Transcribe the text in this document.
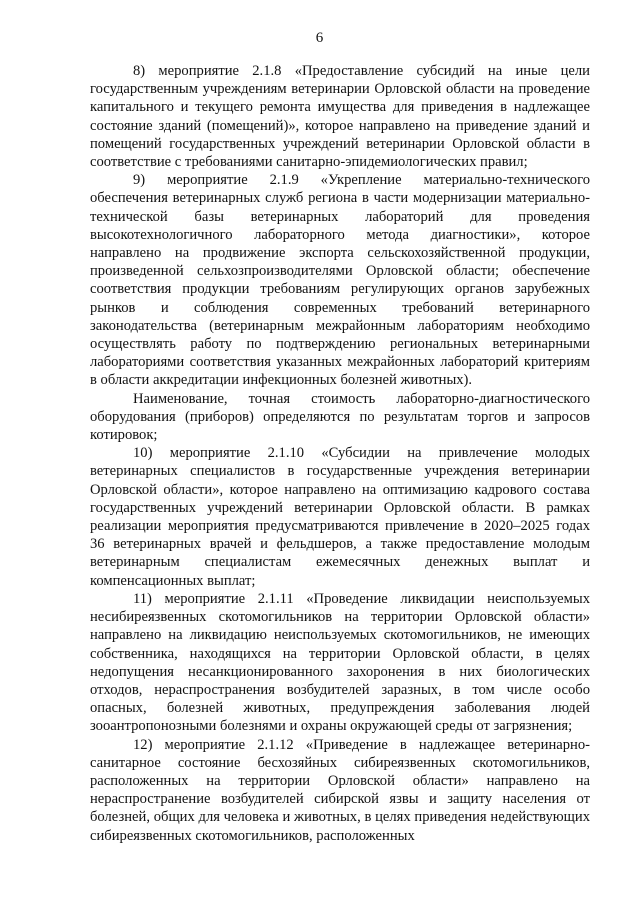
6

8) мероприятие 2.1.8 «Предоставление субсидий на иные цели государственным учреждениям ветеринарии Орловской области на проведение капитального и текущего ремонта имущества для приведения в надлежащее состояние зданий (помещений)», которое направлено на приведение зданий и помещений государственных учреждений ветеринарии Орловской области в соответствие с требованиями санитарно-эпидемиологических правил;

9) мероприятие 2.1.9 «Укрепление материально-технического обеспечения ветеринарных служб региона в части модернизации материально-технической базы ветеринарных лабораторий для проведения высокотехнологичного лабораторного метода диагностики», которое направлено на продвижение экспорта сельскохозяйственной продукции, произведенной сельхозпроизводителями Орловской области; обеспечение соответствия продукции требованиям регулирующих органов зарубежных рынков и соблюдения современных требований ветеринарного законодательства (ветеринарным межрайонным лабораториям необходимо осуществлять работу по подтверждению региональных ветеринарными лабораториями соответствия указанных межрайонных лабораторий критериям в области аккредитации инфекционных болезней животных).

Наименование, точная стоимость лабораторно-диагностического оборудования (приборов) определяются по результатам торгов и запросов котировок;

10) мероприятие 2.1.10 «Субсидии на привлечение молодых ветеринарных специалистов в государственные учреждения ветеринарии Орловской области», которое направлено на оптимизацию кадрового состава государственных учреждений ветеринарии Орловской области. В рамках реализации мероприятия предусматриваются привлечение в 2020–2025 годах 36 ветеринарных врачей и фельдшеров, а также предоставление молодым ветеринарным специалистам ежемесячных денежных выплат и компенсационных выплат;

11) мероприятие 2.1.11 «Проведение ликвидации неиспользуемых несибиреязвенных скотомогильников на территории Орловской области» направлено на ликвидацию неиспользуемых скотомогильников, не имеющих собственника, находящихся на территории Орловской области, в целях недопущения несанкционированного захоронения в них биологических отходов, нераспространения возбудителей заразных, в том числе особо опасных, болезней животных, предупреждения заболевания людей зооантропонозными болезнями и охраны окружающей среды от загрязнения;

12) мероприятие 2.1.12 «Приведение в надлежащее ветеринарно-санитарное состояние бесхозяйных сибиреязвенных скотомогильников, расположенных на территории Орловской области» направлено на нераспространение возбудителей сибирской язвы и защиту населения от болезней, общих для человека и животных, в целях приведения недействующих сибиреязвенных скотомогильников, расположенных
